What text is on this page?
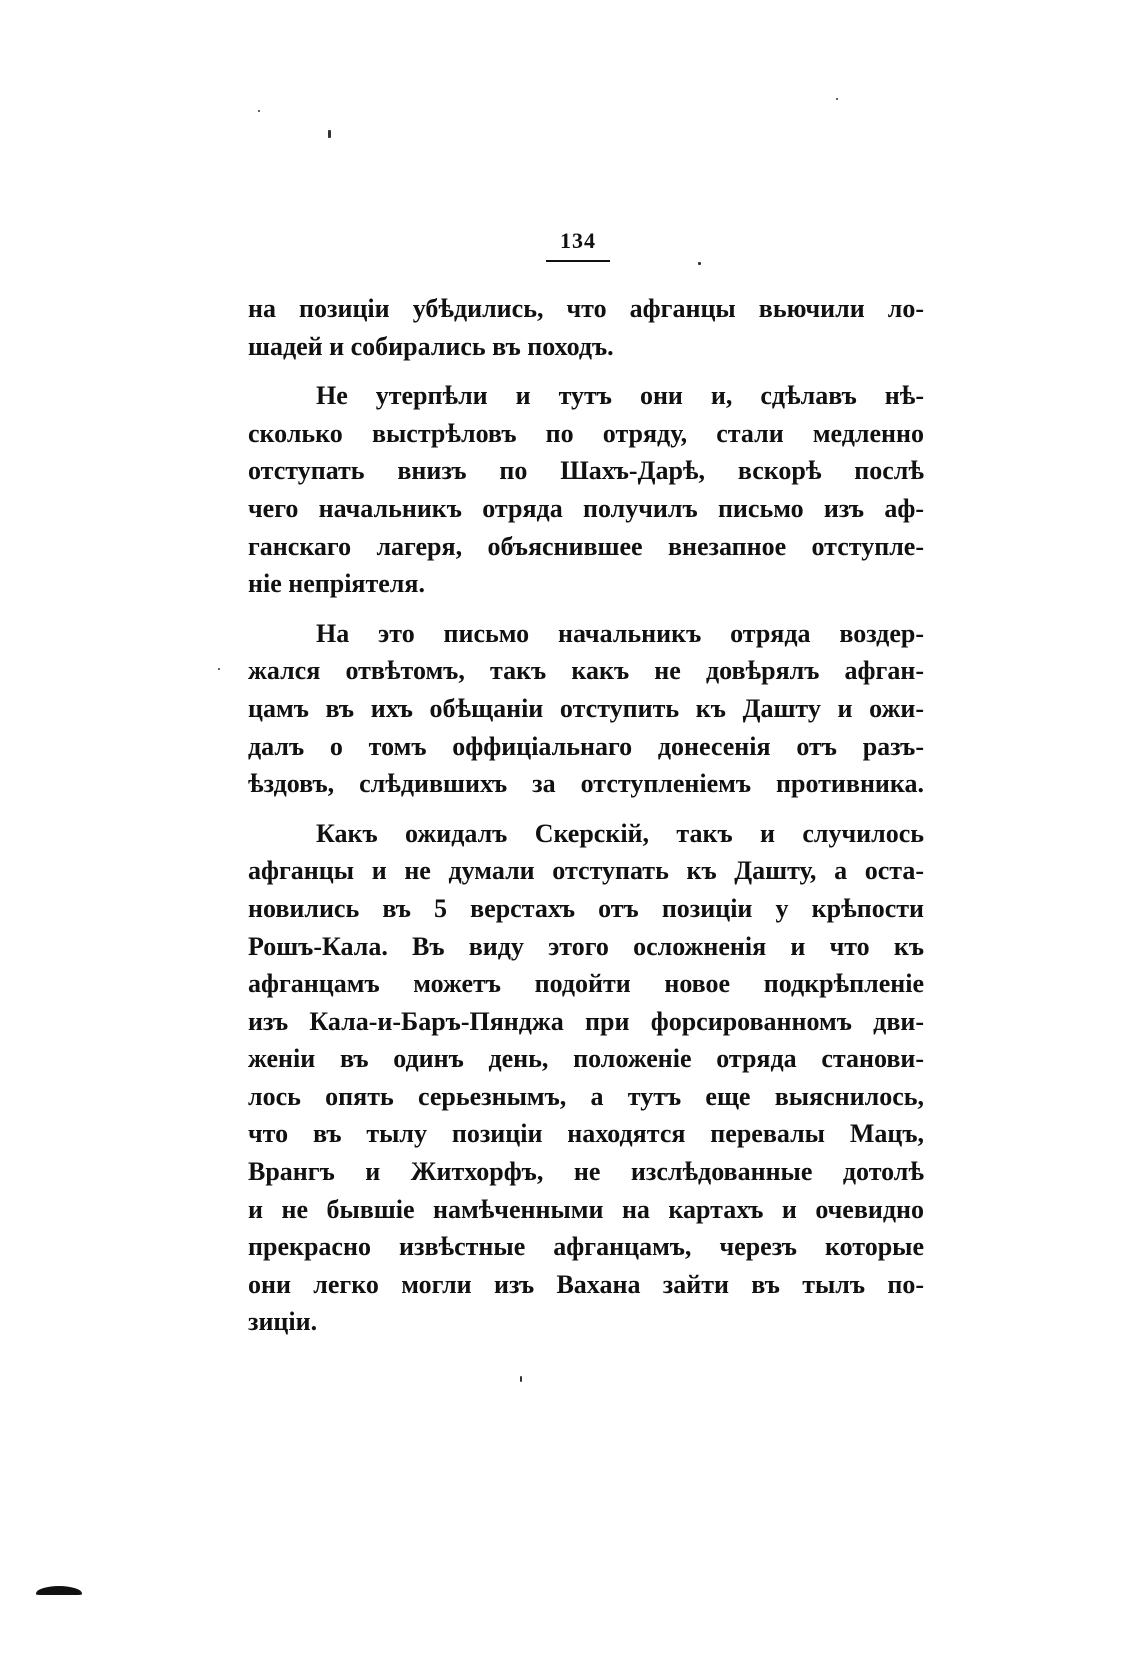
134
на позиціи убѣдились, что афганцы вьючили ло-
шадей и собирались въ походъ.
Не утерпѣли и тутъ они и, сдѣлавъ нѣ-
сколько выстрѣловъ по отряду, стали медленно
отступать внизъ по Шахъ-Дарѣ, вскорѣ послѣ
чего начальникъ отряда получилъ письмо изъ аф-
ганскаго лагеря, объяснившее внезапное отступле-
ніе непріятеля.
На это письмо начальникъ отряда воздер-
жался отвѣтомъ, такъ какъ не довѣрялъ афган-
цамъ въ ихъ обѣщаніи отступить къ Дашту и ожи-
далъ о томъ оффиціальнаго донесенія отъ разъ-
ѣздовъ, слѣдившихъ за отступленіемъ противника.
Какъ ожидалъ Скерскій, такъ и случилось
афганцы и не думали отступать къ Дашту, а оста-
новились въ 5 верстахъ отъ позиціи у крѣпости
Рошъ-Кала. Въ виду этого осложненія и что къ
афганцамъ можетъ подойти новое подкрѣпленіе
изъ Кала-и-Баръ-Пянджа при форсированномъ дви-
женіи въ одинъ день, положеніе отряда станови-
лось опять серьезнымъ, а тутъ еще выяснилось,
что въ тылу позиціи находятся перевалы Мацъ,
Врангъ и Житхорфъ, не изслѣдованные дотолѣ
и не бывшіе намѣченными на картахъ и очевидно
прекрасно извѣстные афганцамъ, черезъ которые
они легко могли изъ Вахана зайти въ тылъ по-
зиціи.
